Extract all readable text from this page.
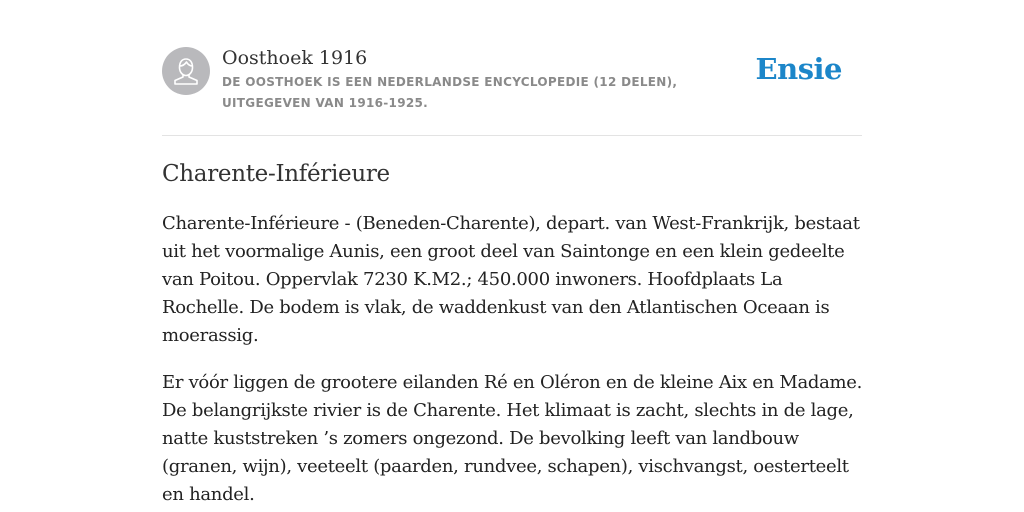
Oosthoek 1916
DE OOSTHOEK IS EEN NEDERLANDSE ENCYCLOPEDIE (12 DELEN), UITGEGEVEN VAN 1916-1925.
Ensie
Charente-Inférieure

Charente-Inférieure - (Beneden-Charente), depart. van West-Frankrijk, bestaat uit het voormalige Aunis, een groot deel van Saintonge en een klein gedeelte van Poitou. Oppervlak 7230 K.M2.; 450.000 inwoners. Hoofdplaats La Rochelle. De bodem is vlak, de waddenkust van den Atlantischen Oceaan is moerassig.

Er vóór liggen de grootere eilanden Ré en Oléron en de kleine Aix en Madame. De belangrijkste rivier is de Charente. Het klimaat is zacht, slechts in de lage, natte kuststreken ’s zomers ongezond. De bevolking leeft van landbouw (granen, wijn), veeteelt (paarden, rundvee, schapen), vischvangst, oesterteelt en handel.
